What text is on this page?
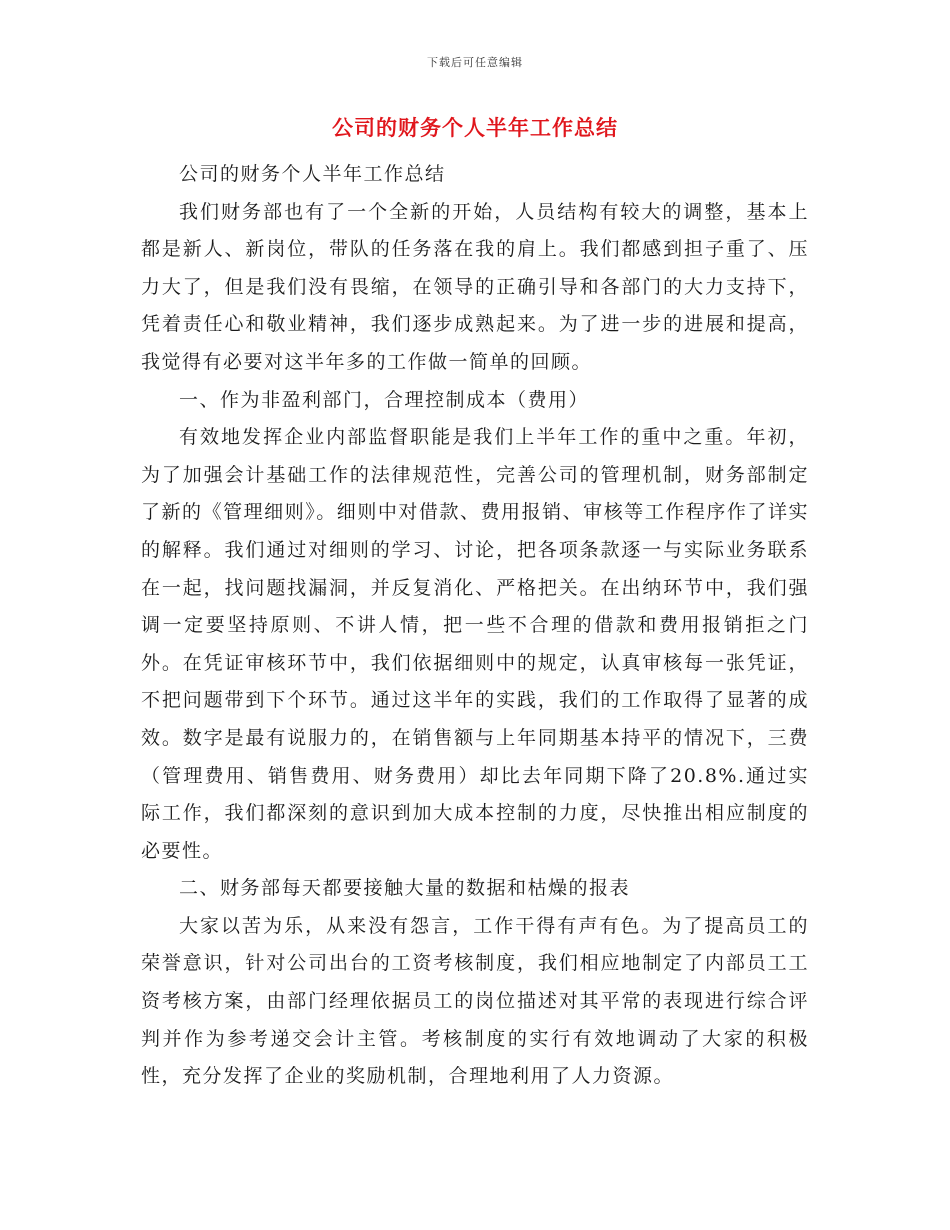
下载后可任意编辑
公司的财务个人半年工作总结

公司的财务个人半年工作总结

我们财务部也有了一个全新的开始，人员结构有较大的调整，基本上都是新人、新岗位，带队的任务落在我的肩上。我们都感到担子重了、压力大了，但是我们没有畏缩，在领导的正确引导和各部门的大力支持下，凭着责任心和敬业精神，我们逐步成熟起来。为了进一步的进展和提高，我觉得有必要对这半年多的工作做一简单的回顾。

一、作为非盈利部门，合理控制成本（费用）

有效地发挥企业内部监督职能是我们上半年工作的重中之重。年初，为了加强会计基础工作的法律规范性，完善公司的管理机制，财务部制定了新的《管理细则》。细则中对借款、费用报销、审核等工作程序作了详实的解释。我们通过对细则的学习、讨论，把各项条款逐一与实际业务联系在一起，找问题找漏洞，并反复消化、严格把关。在出纳环节中，我们强调一定要坚持原则、不讲人情，把一些不合理的借款和费用报销拒之门外。在凭证审核环节中，我们依据细则中的规定，认真审核每一张凭证，不把问题带到下个环节。通过这半年的实践，我们的工作取得了显著的成效。数字是最有说服力的，在销售额与上年同期基本持平的情况下，三费（管理费用、销售费用、财务费用）却比去年同期下降了20.8%.通过实际工作，我们都深刻的意识到加大成本控制的力度，尽快推出相应制度的必要性。

二、财务部每天都要接触大量的数据和枯燥的报表

大家以苦为乐，从来没有怨言，工作干得有声有色。为了提高员工的荣誉意识，针对公司出台的工资考核制度，我们相应地制定了内部员工工资考核方案，由部门经理依据员工的岗位描述对其平常的表现进行综合评判并作为参考递交会计主管。考核制度的实行有效地调动了大家的积极性，充分发挥了企业的奖励机制，合理地利用了人力资源。
